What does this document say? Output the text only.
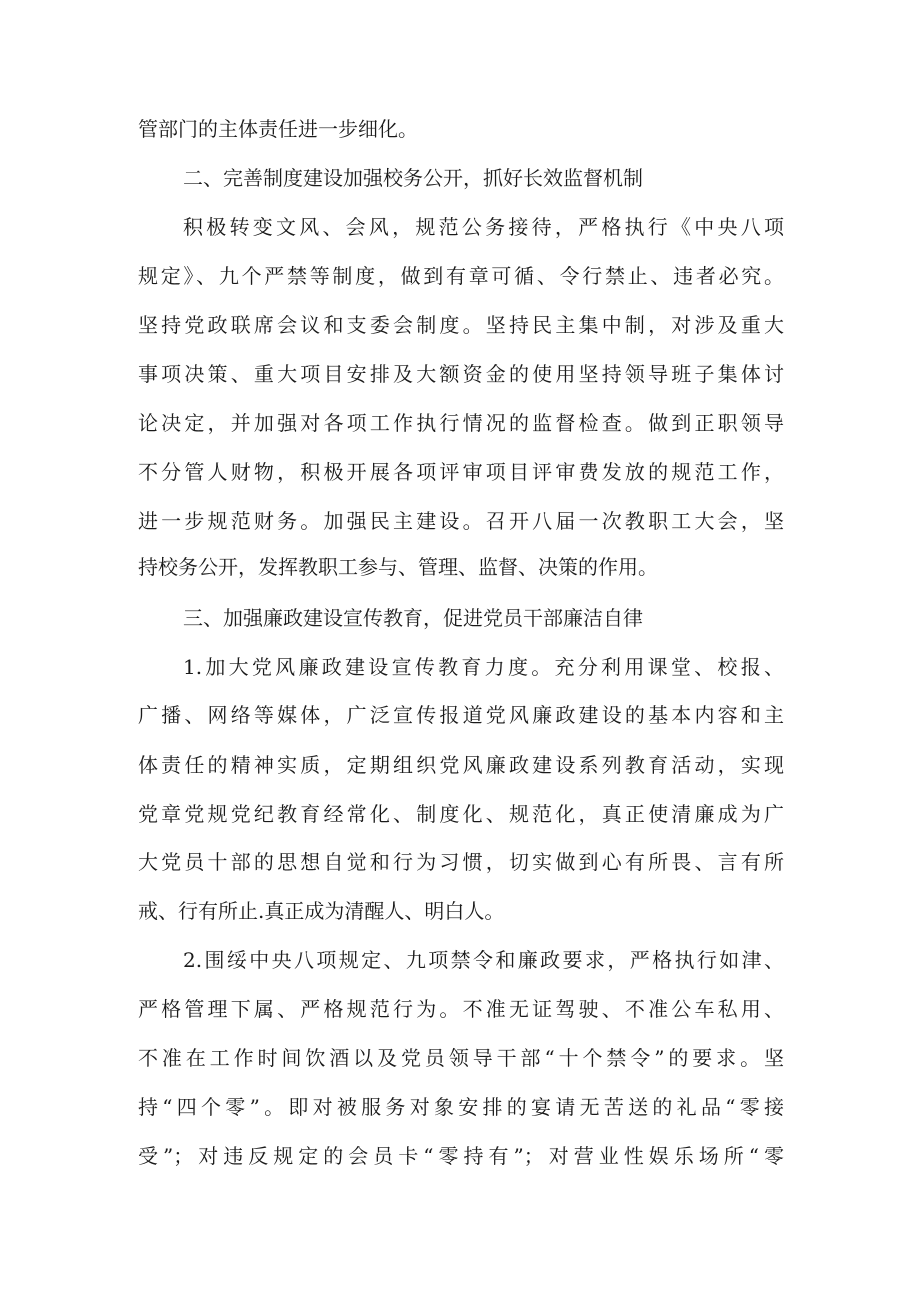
管部门的主体责任进一步细化。
二、完善制度建设加强校务公开，抓好长效监督机制
积极转变文风、会风，规范公务接待，严格执行《中央八项
规定》、九个严禁等制度，做到有章可循、令行禁止、违者必究。
坚持党政联席会议和支委会制度。坚持民主集中制，对涉及重大
事项决策、重大项目安排及大额资金的使用坚持领导班子集体讨
论决定，并加强对各项工作执行情况的监督检查。做到正职领导
不分管人财物，积极开展各项评审项目评审费发放的规范工作，
进一步规范财务。加强民主建设。召开八届一次教职工大会，坚
持校务公开，发挥教职工参与、管理、监督、决策的作用。
三、加强廉政建设宣传教育，促进党员干部廉洁自律
1.加大党风廉政建设宣传教育力度。充分利用课堂、校报、
广播、网络等媒体，广泛宣传报道党风廉政建设的基本内容和主
体责任的精神实质，定期组织党风廉政建设系列教育活动，实现
党章党规党纪教育经常化、制度化、规范化，真正使清廉成为广
大党员十部的思想自觉和行为习惯，切实做到心有所畏、言有所
戒、行有所止.真正成为清醒人、明白人。
2.围绥中央八项规定、九项禁令和廉政要求，严格执行如津、
严格管理下属、严格规范行为。不准无证驾驶、不准公车私用、
不准在工作时间饮酒以及党员领导干部“十个禁令”的要求。坚
持“四个零”。即对被服务对象安排的宴请无苦送的礼品“零接
受”；对违反规定的会员卡“零持有”；对营业性娱乐场所“零
